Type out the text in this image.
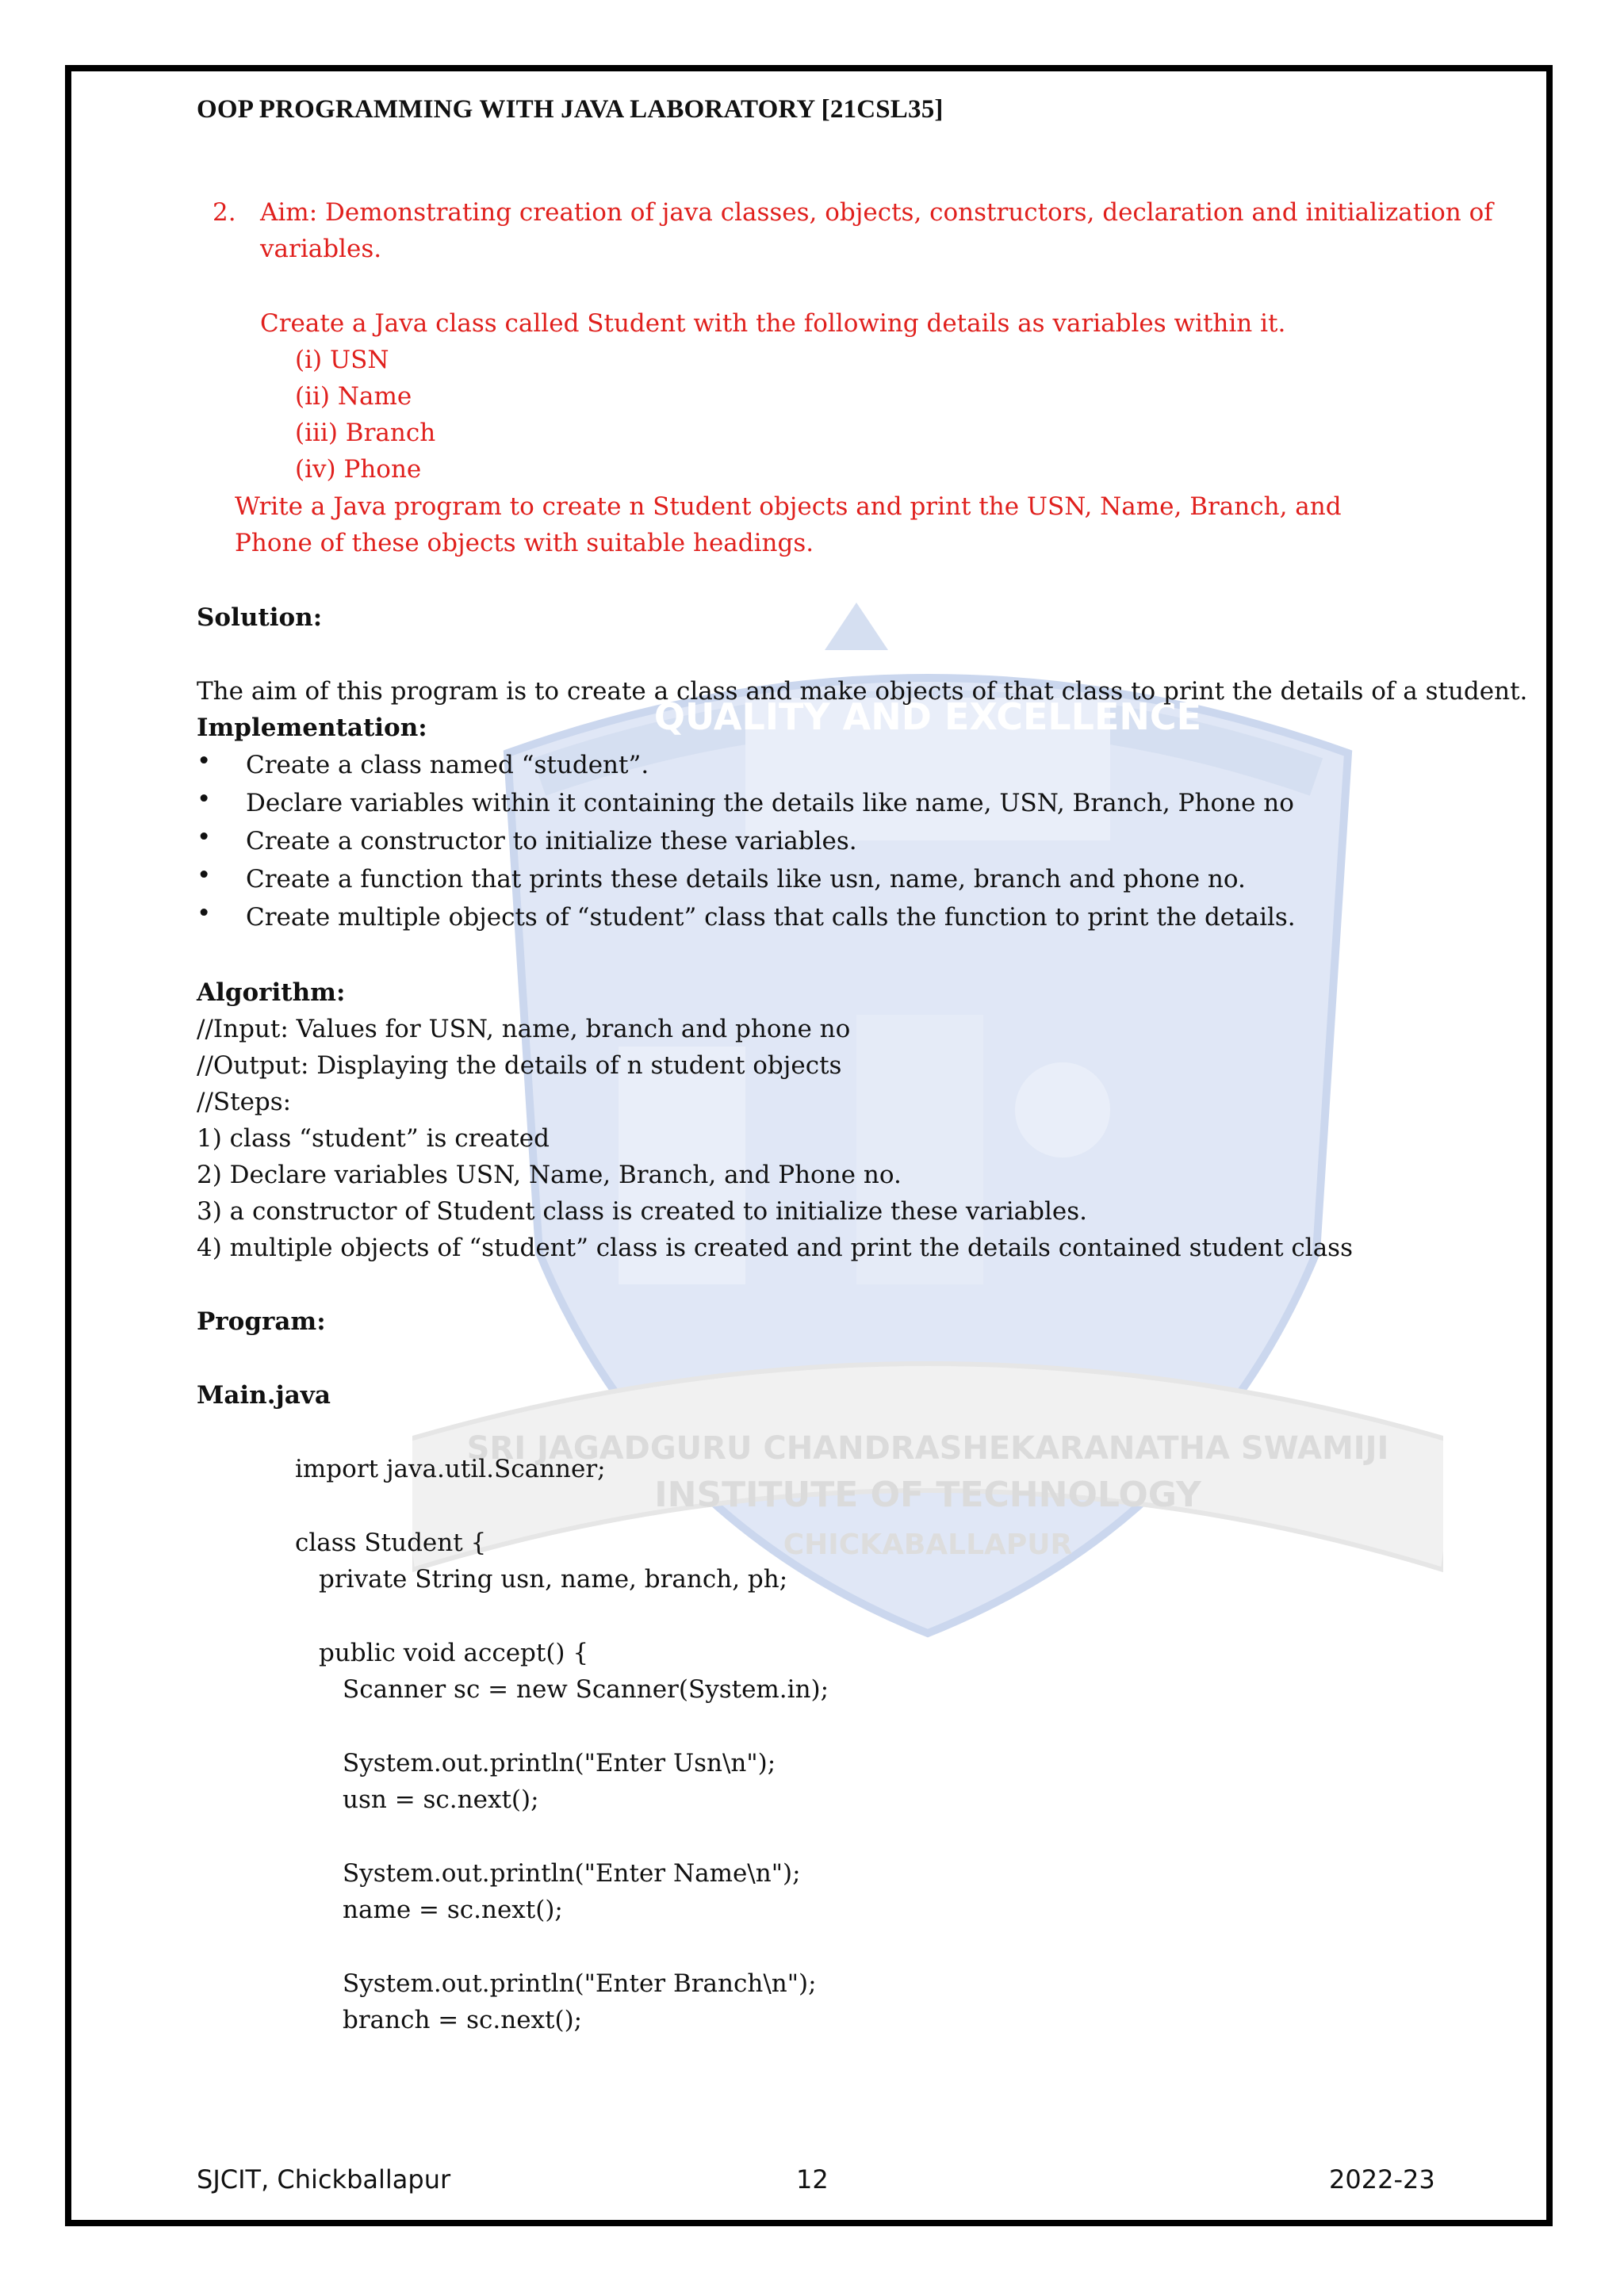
QUALITY AND EXCELLENCE
SRI JAGADGURU CHANDRASHEKARANATHA SWAMIJI
INSTITUTE OF TECHNOLOGY
CHICKABALLAPUR
OOP PROGRAMMING WITH JAVA LABORATORY [21CSL35]
2. Aim: Demonstrating creation of java classes, objects, constructors, declaration and initialization of
variables.
Create a Java class called Student with the following details as variables within it.
(i) USN
(ii) Name
(iii) Branch
(iv) Phone
Write a Java program to create n Student objects and print the USN, Name, Branch, and
Phone of these objects with suitable headings.
Solution:
The aim of this program is to create a class and make objects of that class to print the details of a student.
Implementation:
• Create a class named “student”.
• Declare variables within it containing the details like name, USN, Branch, Phone no
• Create a constructor to initialize these variables.
• Create a function that prints these details like usn, name, branch and phone no.
• Create multiple objects of “student” class that calls the function to print the details.
Algorithm:
//Input: Values for USN, name, branch and phone no
//Output: Displaying the details of n student objects
//Steps:
1) class “student” is created
2) Declare variables USN, Name, Branch, and Phone no.
3) a constructor of Student class is created to initialize these variables.
4) multiple objects of “student” class is created and print the details contained student class
Program:
Main.java
import java.util.Scanner;
class Student {
private String usn, name, branch, ph;
public void accept() {
Scanner sc = new Scanner(System.in);
System.out.println("Enter Usn\n");
usn = sc.next();
System.out.println("Enter Name\n");
name = sc.next();
System.out.println("Enter Branch\n");
branch = sc.next();
SJCIT, Chickballapur	12	2022-23
